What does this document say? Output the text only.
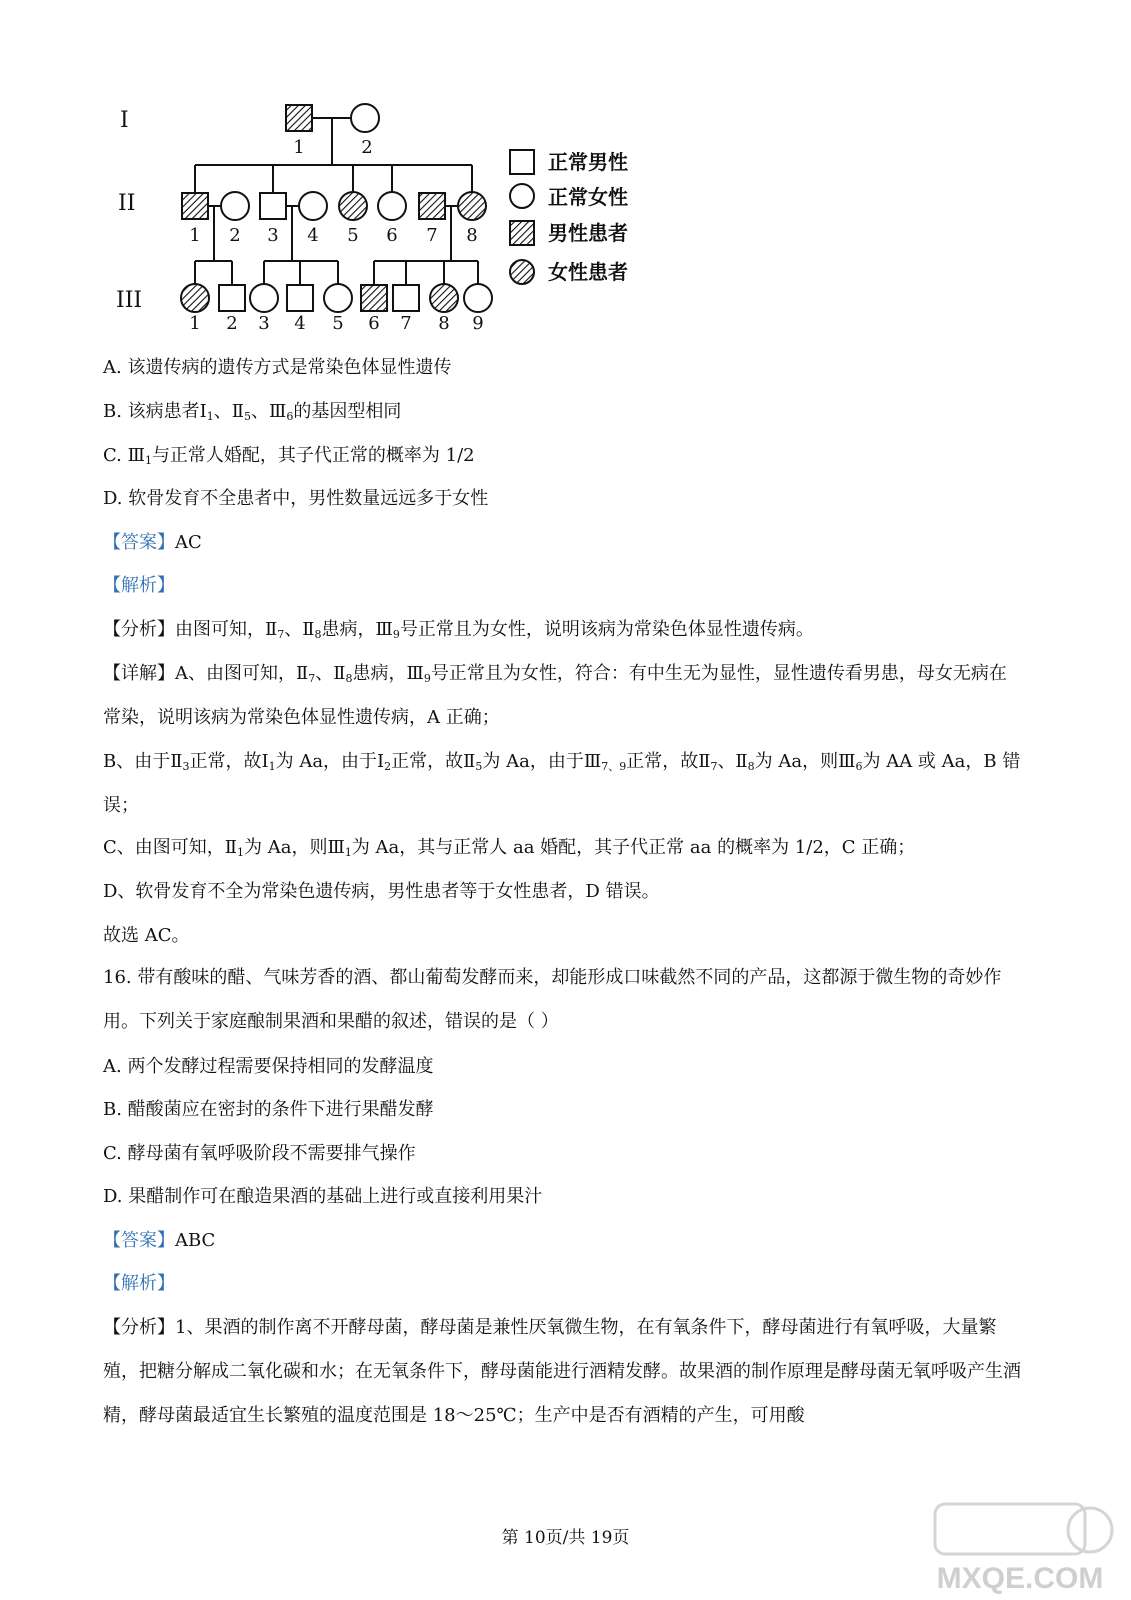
I
II
III
1	2
1 2 3 4 5 6 7 8
1 2 3 4 5 6 7 8 9
正常男性
正常女性
男性患者
女性患者
A. 该遗传病的遗传方式是常染色体显性遗传
B. 该病患者$Ⅰ_1$、$Ⅱ_5$、$Ⅲ_6$的基因型相同
C. $Ⅲ_1$与正常人婚配，其子代正常的概率为 1/2
D. 软骨发育不全患者中，男性数量远远多于女性
【答案】AC
【解析】
【分析】由图可知，$Ⅱ_7$、$Ⅱ_8$患病，$Ⅲ_9$号正常且为女性，说明该病为常染色体显性遗传病。
【详解】A、由图可知，$Ⅱ_7$、$Ⅱ_8$患病，$Ⅲ_9$号正常且为女性，符合：有中生无为显性，显性遗传看男患，母女无病在常染，说明该病为常染色体显性遗传病，A 正确；
B、由于$Ⅱ_3$正常，故$Ⅰ_1$为 Aa，由于$Ⅰ_2$正常，故$Ⅱ_5$为 Aa，由于$Ⅲ_{7、9}$正常，故$Ⅱ_7$、$Ⅱ_8$为 Aa，则$Ⅲ_6$为 AA 或 Aa，B 错误；
C、由图可知，$Ⅱ_1$为 Aa，则$Ⅲ_1$为 Aa，其与正常人 aa 婚配，其子代正常 aa 的概率为 1/2，C 正确；
D、软骨发育不全为常染色遗传病，男性患者等于女性患者，D 错误。
故选 AC。
16. 带有酸味的醋、气味芳香的酒、都山葡萄发酵而来，却能形成口味截然不同的产品，这都源于微生物的奇妙作用。下列关于家庭酿制果酒和果醋的叙述，错误的是（ ）
A. 两个发酵过程需要保持相同的发酵温度
B. 醋酸菌应在密封的条件下进行果醋发酵
C. 酵母菌有氧呼吸阶段不需要排气操作
D. 果醋制作可在酿造果酒的基础上进行或直接利用果汁
【答案】ABC
【解析】
【分析】1、果酒的制作离不开酵母菌，酵母菌是兼性厌氧微生物，在有氧条件下，酵母菌进行有氧呼吸，大量繁殖，把糖分解成二氧化碳和水；在无氧条件下，酵母菌能进行酒精发酵。故果酒的制作原理是酵母菌无氧呼吸产生酒精，酵母菌最适宜生长繁殖的温度范围是 18～25℃；生产中是否有酒精的产生，可用酸
第 10页/共 19页
MXQE.COM
